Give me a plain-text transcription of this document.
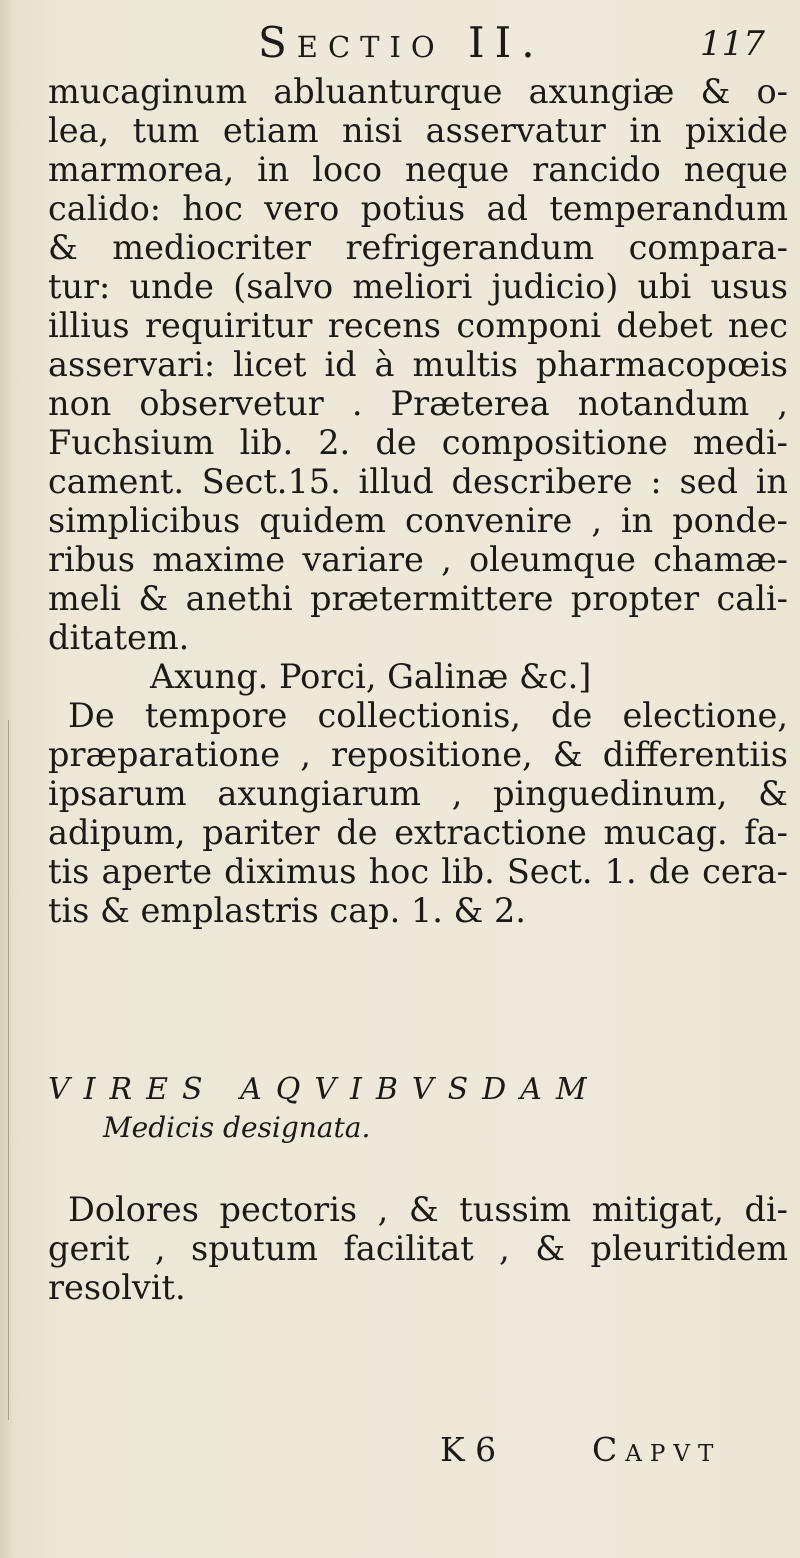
Sectio II.	117
mucaginum abluanturque axungiæ & o-
lea, tum etiam nisi asservatur in pixide
marmorea, in loco neque rancido neque
calido: hoc vero potius ad temperandum
& mediocriter refrigerandum compara-
tur: unde (salvo meliori judicio) ubi usus
illius requiritur recens componi debet nec
asservari: licet id à multis pharmacopœis
non observetur . Præterea notandum ,
Fuchsium lib. 2. de compositione medi-
cament. Sect.15. illud describere : sed in
simplicibus quidem convenire , in ponde-
ribus maxime variare , oleumque chamæ-
meli & anethi prætermittere propter cali-
ditatem.
Axung. Porci, Galinæ &c.]
De tempore collectionis, de electione,
præparatione , repositione, & differentiis
ipsarum axungiarum , pinguedinum, &
adipum, pariter de extractione mucag. fa-
tis aperte diximus hoc lib. Sect. 1. de cera-
tis & emplastris cap. 1. & 2.
VIRES AQVIBVSDAM
Medicis designata.
Dolores pectoris , & tussim mitigat, di-
gerit , sputum facilitat , & pleuritidem
resolvit.
K 6	Capvt
